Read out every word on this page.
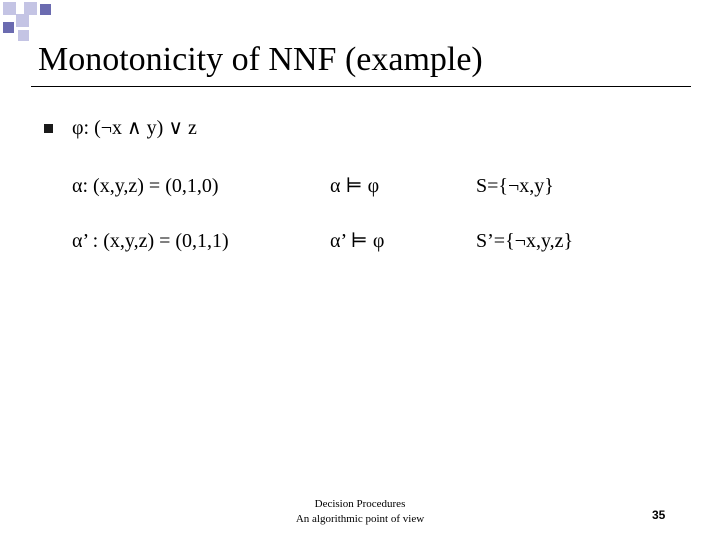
Monotonicity of NNF (example)
φ: (¬x ∧ y) ∨ z
α: (x,y,z) = (0,1,0)	α ⊨ φ	S={¬x,y}
α’ : (x,y,z) = (0,1,1)	α’ ⊨ φ	S’={¬x,y,z}
Decision Procedures
An algorithmic point of view	35
